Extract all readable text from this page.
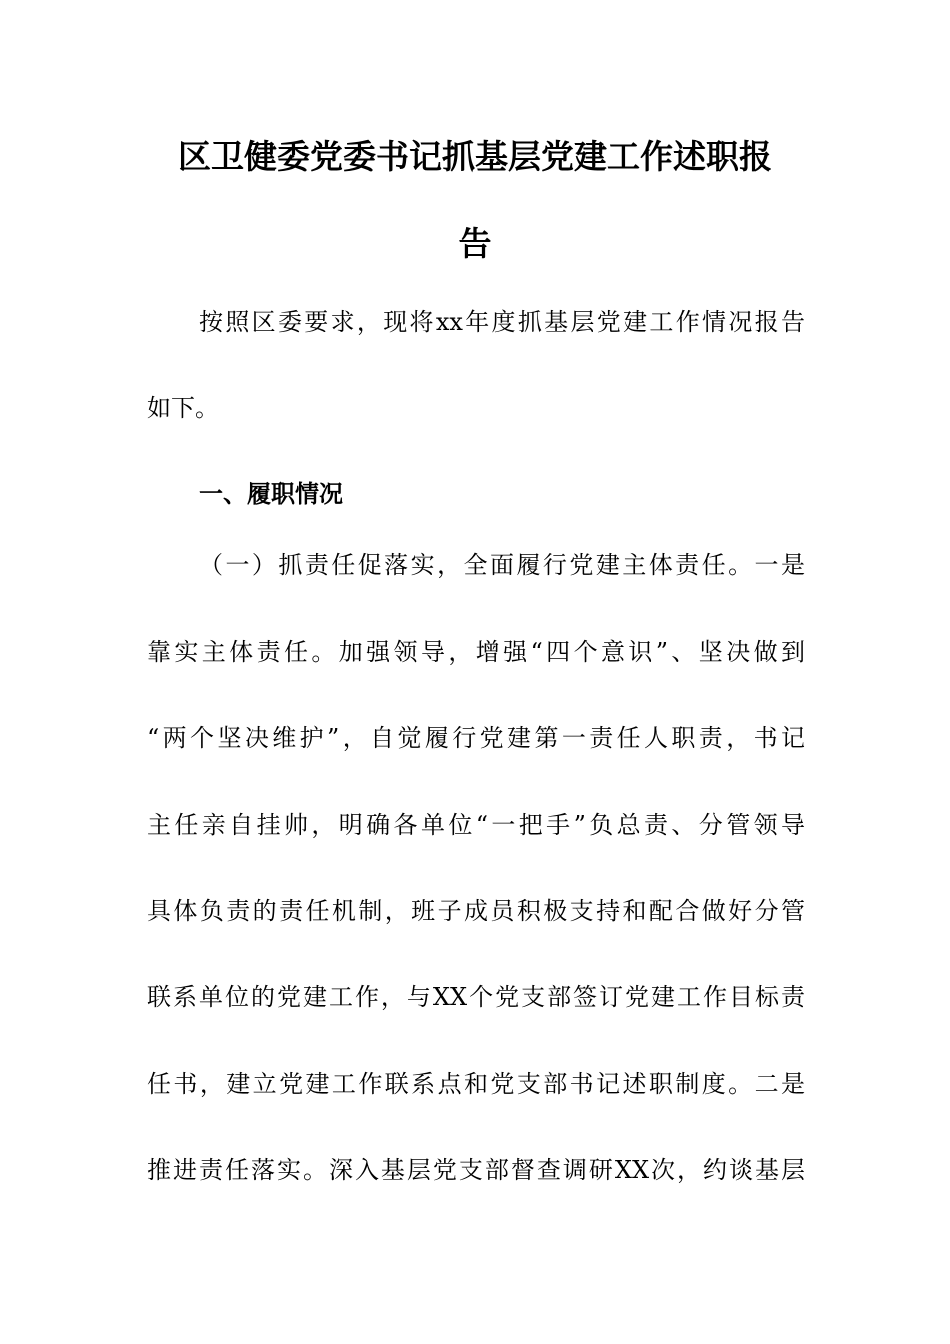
区卫健委党委书记抓基层党建工作述职报
告
按照区委要求，现将xx年度抓基层党建工作情况报告
如下。
一、履职情况
（一）抓责任促落实，全面履行党建主体责任。一是
靠实主体责任。加强领导，增强“四个意识”、坚决做到
“两个坚决维护”，自觉履行党建第一责任人职责，书记
主任亲自挂帅，明确各单位“一把手”负总责、分管领导
具体负责的责任机制，班子成员积极支持和配合做好分管
联系单位的党建工作，与XX个党支部签订党建工作目标责
任书，建立党建工作联系点和党支部书记述职制度。二是
推进责任落实。深入基层党支部督查调研XX次，约谈基层
